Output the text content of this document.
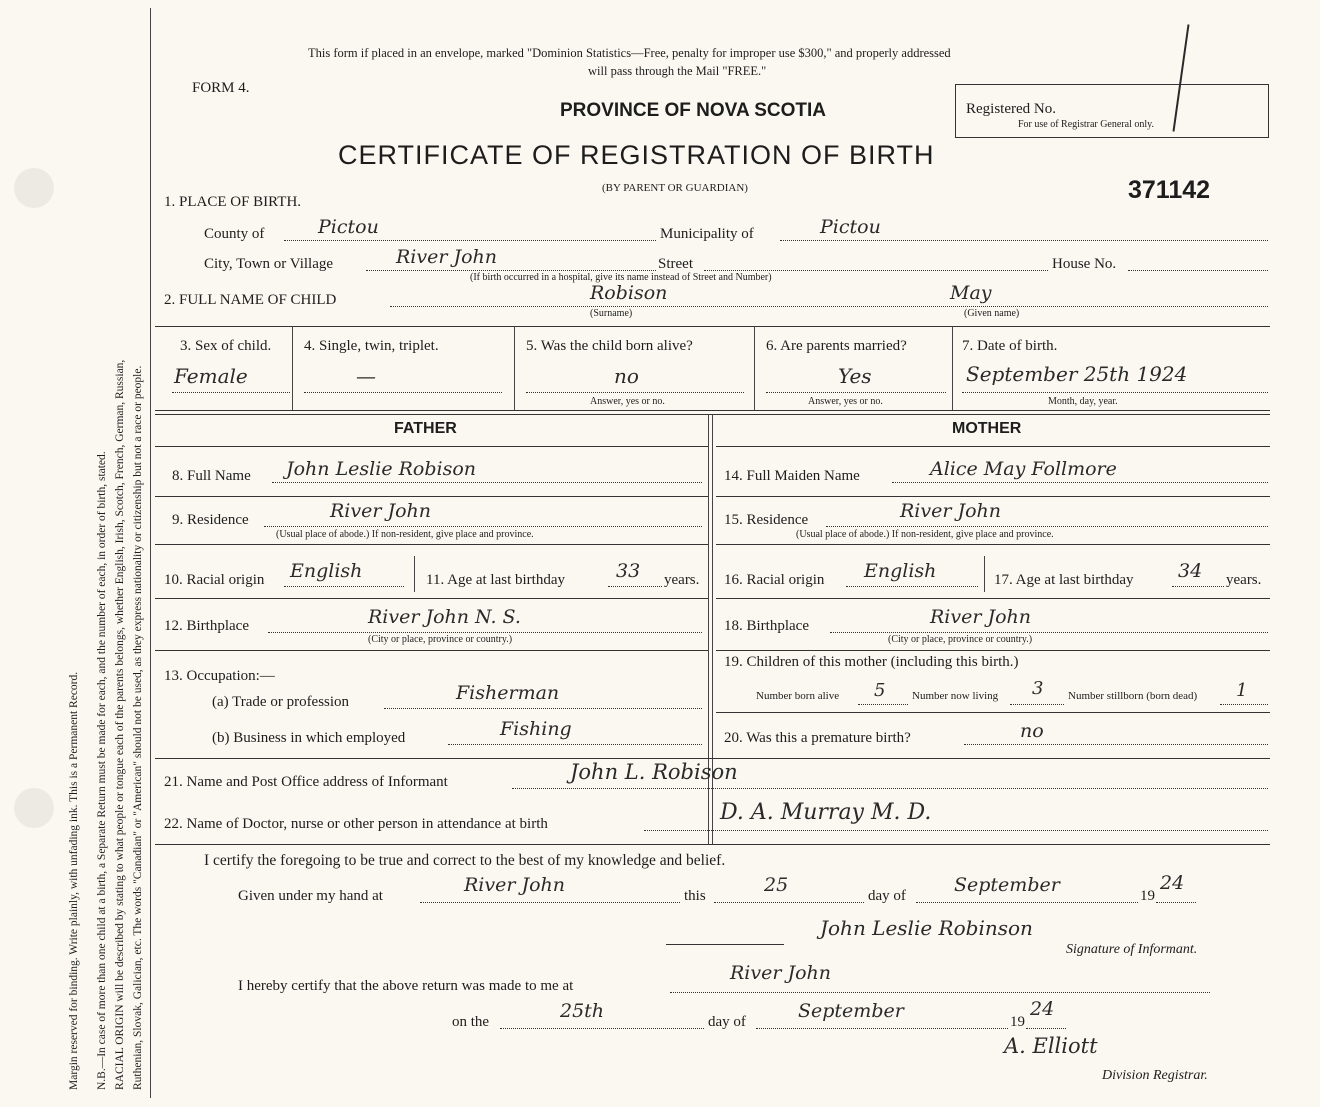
Margin reserved for binding. Write plainly, with unfading ink. This is a Permanent Record. N.B.—In case of more than one child at a birth, a Separate Return must be made for each, and the number of each, in order of birth, stated. RACIAL ORIGIN will be described by stating to what people or tongue each of the parents belongs, whether English, Irish, Scotch, French, German, Russian, Ruthenian, Slovak, Galician, etc. The words "Canadian" or "American" should not be used, as they express nationality or citizenship but not a race or people.
This form if placed in an envelope, marked "Dominion Statistics—Free, penalty for improper use $300," and properly addressed
will pass through the Mail "FREE."
FORM 4.
PROVINCE OF NOVA SCOTIA
CERTIFICATE OF REGISTRATION OF BIRTH
(BY PARENT OR GUARDIAN)
Registered No.
For use of Registrar General only.
371142
1. PLACE OF BIRTH.
County of	Pictou	Municipality of	Pictou
City, Town or Village	River John	Street	House No.
(If birth occurred in a hospital, give its name instead of Street and Number)
2. FULL NAME OF CHILD	Robison
(Surname)
May
(Given name)
3. Sex of child.
Female
4. Single, twin, triplet.
—
5. Was the child born alive?
no
Answer, yes or no.
6. Are parents married?
Yes
Answer, yes or no.
7. Date of birth.
September 25th 1924
Month, day, year.
FATHER	MOTHER
8. Full Name John Leslie Robison
9. Residence	River John
(Usual place of abode.) If non-resident, give place and province.
10. Racial origin English	11. Age at last birthday	33 years.
12. Birthplace	River John N. S.
(City or place, province or country.)
13. Occupation:—
(a) Trade or profession	Fisherman
(b) Business in which employed	Fishing
14. Full Maiden Name	Alice May Follmore
15. Residence	River John
(Usual place of abode.) If non-resident, give place and province.
16. Racial origin English	17. Age at last birthday 34 years.
18. Birthplace	River John
(City or place, province or country.)
19. Children of this mother (including this birth.)
Number born alive 5 Number now living 3 Number stillborn (born dead) 1
20. Was this a premature birth?	no
21. Name and Post Office address of Informant	John L. Robison
22. Name of Doctor, nurse or other person in attendance at birth	D. A. Murray M. D.
I certify the foregoing to be true and correct to the best of my knowledge and belief.
Given under my hand at	River John	this	25	day of	September	19
24
John Leslie Robinson
Signature of Informant.
I hereby certify that the above return was made to me at
River John
on the	25th	day of	September	19
24
A. Elliott
Division Registrar.
